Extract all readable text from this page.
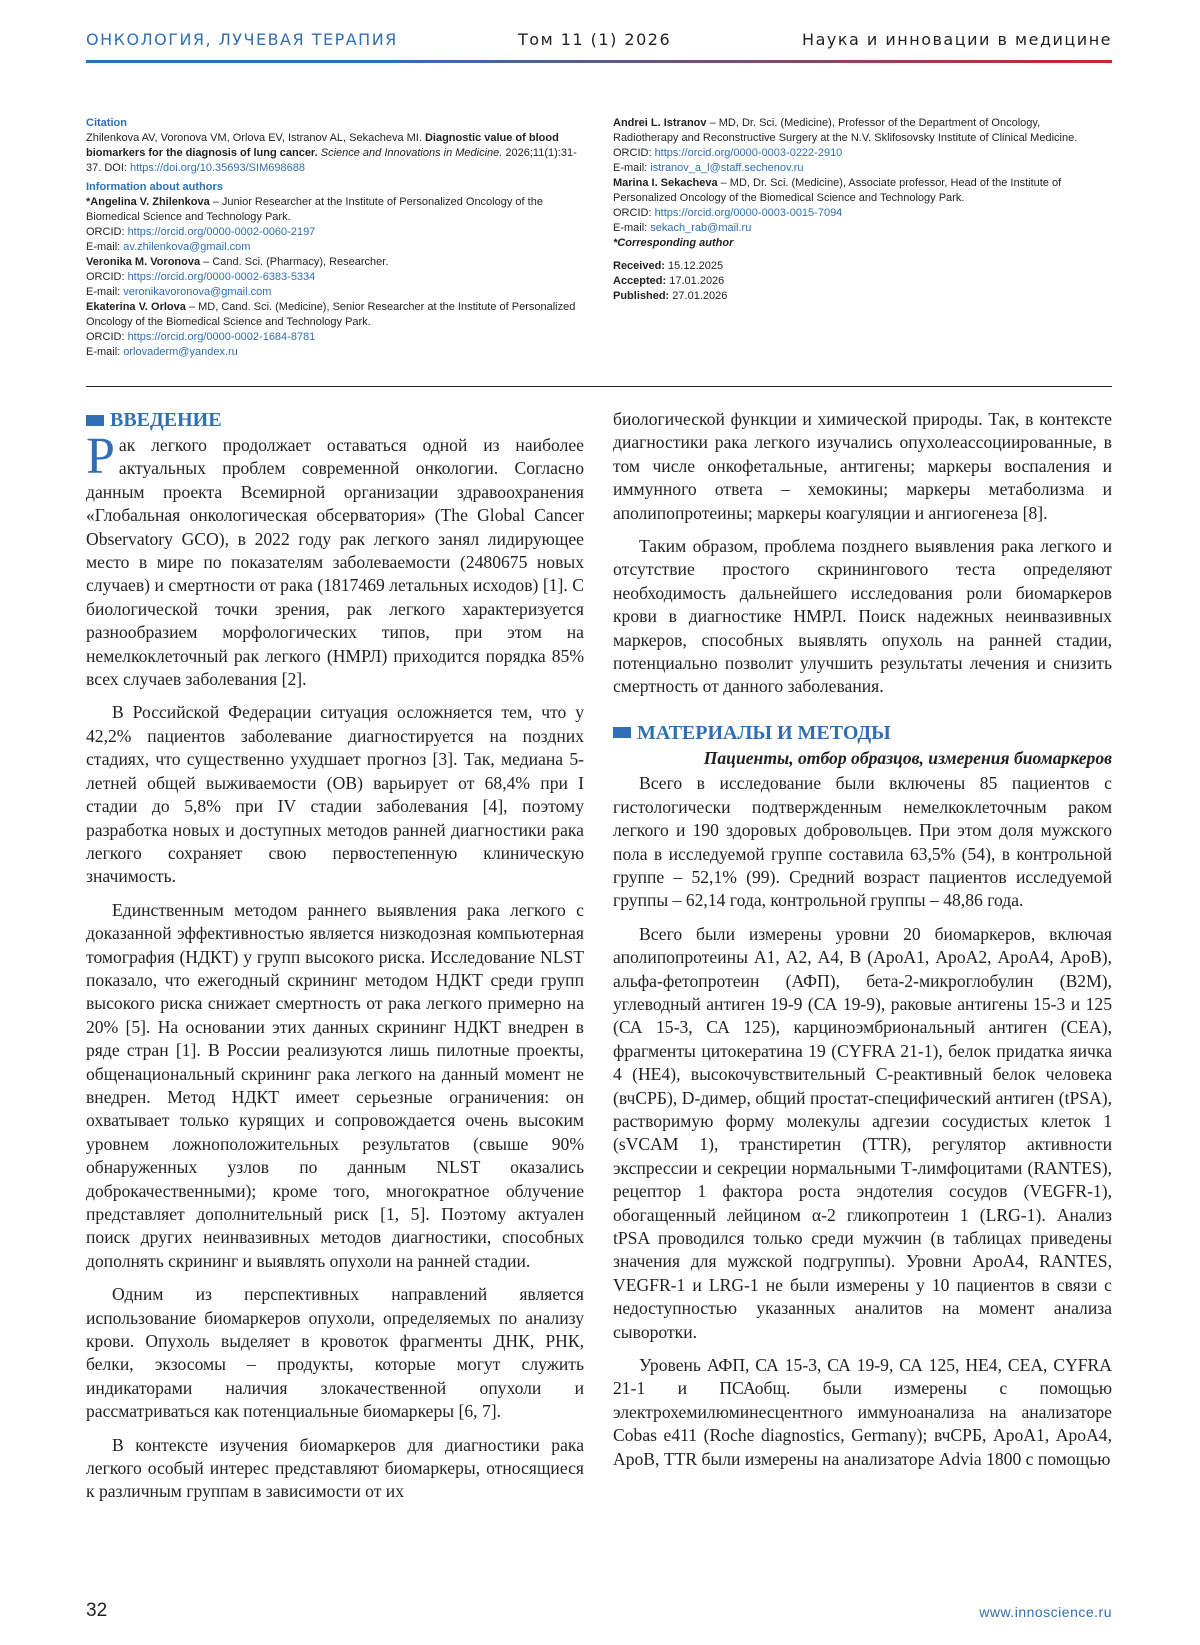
ОНКОЛОГИЯ, ЛУЧЕВАЯ ТЕРАПИЯ	Том 11 (1) 2026	Наука и инновации в медицине
Citation
Zhilenkova AV, Voronova VM, Orlova EV, Istranov AL, Sekacheva MI. Diagnostic value of blood biomarkers for the diagnosis of lung cancer. Science and Innovations in Medicine. 2026;11(1):31-37. DOI: https://doi.org/10.35693/SIM698688
Information about authors
*Angelina V. Zhilenkova – Junior Researcher at the Institute of Personalized Oncology of the Biomedical Science and Technology Park.
ORCID: https://orcid.org/0000-0002-0060-2197
E-mail: av.zhilenkova@gmail.com
Veronika M. Voronova – Cand. Sci. (Pharmacy), Researcher.
ORCID: https://orcid.org/0000-0002-6383-5334
E-mail: veronikavoronova@gmail.com
Ekaterina V. Orlova – MD, Cand. Sci. (Medicine), Senior Researcher at the Institute of Personalized Oncology of the Biomedical Science and Technology Park.
ORCID: https://orcid.org/0000-0002-1684-8781
E-mail: orlovaderm@yandex.ru
Andrei L. Istranov – MD, Dr. Sci. (Medicine), Professor of the Department of Oncology, Radiotherapy and Reconstructive Surgery at the N.V. Sklifosovsky Institute of Clinical Medicine.
ORCID: https://orcid.org/0000-0003-0222-2910
E-mail: istranov_a_l@staff.sechenov.ru
Marina I. Sekacheva – MD, Dr. Sci. (Medicine), Associate professor, Head of the Institute of Personalized Oncology of the Biomedical Science and Technology Park.
ORCID: https://orcid.org/0000-0003-0015-7094
E-mail: sekach_rab@mail.ru
*Corresponding author
Received: 15.12.2025
Accepted: 17.01.2026
Published: 27.01.2026
ВВЕДЕНИЕ

Рак легкого продолжает оставаться одной из наиболее актуальных проблем современной онкологии. Согласно данным проекта Всемирной организации здравоохранения «Глобальная онкологическая обсерватория» (The Global Cancer Observatory GCO), в 2022 году рак легкого занял лидирующее место в мире по показателям заболеваемости (2480675 новых случаев) и смертности от рака (1817469 летальных исходов) [1]. С биологической точки зрения, рак легкого характеризуется разнообразием морфологических типов, при этом на немелкоклеточный рак легкого (НМРЛ) приходится порядка 85% всех случаев заболевания [2].

В Российской Федерации ситуация осложняется тем, что у 42,2% пациентов заболевание диагностируется на поздних стадиях, что существенно ухудшает прогноз [3]. Так, медиана 5-летней общей выживаемости (ОВ) варьирует от 68,4% при I стадии до 5,8% при IV стадии заболевания [4], поэтому разработка новых и доступных методов ранней диагностики рака легкого сохраняет свою первостепенную клиническую значимость.

Единственным методом раннего выявления рака легкого с доказанной эффективностью является низкодозная компьютерная томография (НДКТ) у групп высокого риска. Исследование NLST показало, что ежегодный скрининг методом НДКТ среди групп высокого риска снижает смертность от рака легкого примерно на 20% [5]. На основании этих данных скрининг НДКТ внедрен в ряде стран [1]. В России реализуются лишь пилотные проекты, общенациональный скрининг рака легкого на данный момент не внедрен. Метод НДКТ имеет серьезные ограничения: он охватывает только курящих и сопровождается очень высоким уровнем ложноположительных результатов (свыше 90% обнаруженных узлов по данным NLST оказались доброкачественными); кроме того, многократное облучение представляет дополнительный риск [1, 5]. Поэтому актуален поиск других неинвазивных методов диагностики, способных дополнять скрининг и выявлять опухоли на ранней стадии.

Одним из перспективных направлений является использование биомаркеров опухоли, определяемых по анализу крови. Опухоль выделяет в кровоток фрагменты ДНК, РНК, белки, экзосомы – продукты, которые могут служить индикаторами наличия злокачественной опухоли и рассматриваться как потенциальные биомаркеры [6, 7].

В контексте изучения биомаркеров для диагностики рака легкого особый интерес представляют биомаркеры, относящиеся к различным группам в зависимости от их

биологической функции и химической природы. Так, в контексте диагностики рака легкого изучались опухолеассоциированные, в том числе онкофетальные, антигены; маркеры воспаления и иммунного ответа – хемокины; маркеры метаболизма и аполипопротеины; маркеры коагуляции и ангиогенеза [8].

Таким образом, проблема позднего выявления рака легкого и отсутствие простого скринингового теста определяют необходимость дальнейшего исследования роли биомаркеров крови в диагностике НМРЛ. Поиск надежных неинвазивных маркеров, способных выявлять опухоль на ранней стадии, потенциально позволит улучшить результаты лечения и снизить смертность от данного заболевания.

МАТЕРИАЛЫ И МЕТОДЫ
Пациенты, отбор образцов, измерения биомаркеров

Всего в исследование были включены 85 пациентов с гистологически подтвержденным немелкоклеточным раком легкого и 190 здоровых добровольцев. При этом доля мужского пола в исследуемой группе составила 63,5% (54), в контрольной группе – 52,1% (99). Средний возраст пациентов исследуемой группы – 62,14 года, контрольной группы – 48,86 года.

Всего были измерены уровни 20 биомаркеров, включая аполипопротеины А1, А2, А4, В (АроА1, АроА2, АроА4, АроВ), альфа-фетопротеин (АФП), бета-2-микроглобулин (В2М), углеводный антиген 19-9 (СА 19-9), раковые антигены 15-3 и 125 (СА 15-3, СА 125), карциноэмбриональный антиген (СЕА), фрагменты цитокератина 19 (CYFRA 21-1), белок придатка яичка 4 (НЕ4), высокочувствительный С-реактивный белок человека (вчСРБ), D-димер, общий простат-специфический антиген (tPSA), растворимую форму молекулы адгезии сосудистых клеток 1 (sVCAM 1), транстиретин (TTR), регулятор активности экспрессии и секреции нормальными Т-лимфоцитами (RANTES), рецептор 1 фактора роста эндотелия сосудов (VEGFR-1), обогащенный лейцином α-2 гликопротеин 1 (LRG-1). Анализ tPSA проводился только среди мужчин (в таблицах приведены значения для мужской подгруппы). Уровни АроА4, RANTES, VEGFR-1 и LRG-1 не были измерены у 10 пациентов в связи с недоступностью указанных аналитов на момент анализа сыворотки.

Уровень АФП, СА 15-3, СА 19-9, СА 125, НЕ4, СЕА, CYFRA 21-1 и ПСАобщ. были измерены с помощью электрохемилюминесцентного иммуноанализа на анализаторе Cobas e411 (Roche diagnostics, Germany); вчСРБ, АроА1, АроА4, АроВ, TTR были измерены на анализаторе Advia 1800 с помощью

32	www.innoscience.ru
